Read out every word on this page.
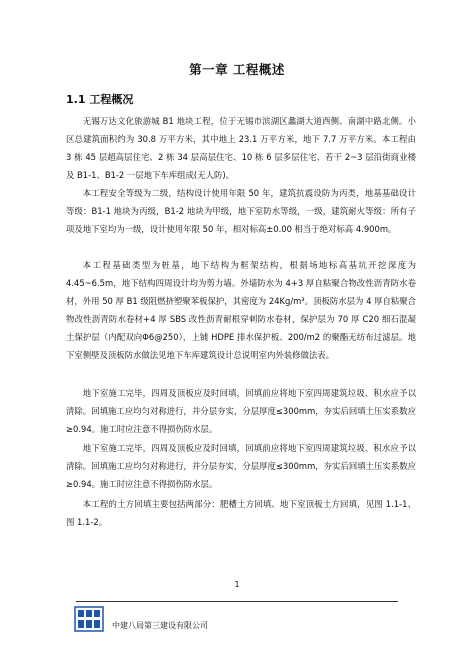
第一章 工程概述
1.1 工程概况

无锡万达文化旅游城 B1 地块工程，位于无锡市滨湖区蠡湖大道西侧、南湖中路北侧。小区总建筑面积约为 30.8 万平方米，其中地上 23.1 万平方米，地下 7.7 万平方米。本工程由 3 栋 45 层超高层住宅、2 栋 34 层高层住宅、10 栋 6 层多层住宅、若干 2~3 层沿街商业楼及 B1-1、B1-2 一层地下车库组成(无人防)。

本工程安全等级为二级，结构设计使用年限 50 年，建筑抗震设防为丙类，地基基础设计等级：B1-1 地块为丙级，B1-2 地块为甲级，地下室防水等级，一级，建筑耐火等级：所有子项及地下室均为一级，设计使用年限 50 年，相对标高±0.00 相当于绝对标高 4.900m。

本工程基础类型为桩基，地下结构为框架结构，根据场地标高基坑开挖深度为 4.45~6.5m，地下结构四周设计均为剪力墙。外墙防水为 4+3 厚自粘聚合物改性沥青防水卷材，外用 50 厚 B1 级阻燃挤塑聚苯板保护，其密度为 24Kg/m³。顶板防水层为 4 厚自粘聚合物改性沥青防水卷材+4 厚 SBS 改性沥青耐根穿刺防水卷材，保护层为 70 厚 C20 细石混凝土保护层（内配双向Φ6@250），上铺 HDPE 排水保护板、200/m2 的聚酯无纺布过滤层。地下室侧壁及顶板防水做法见地下车库建筑设计总说明室内外装修做法表。

地下室施工完毕，四周及顶板应及时回填，回填前应将地下室四周建筑垃圾、积水应予以清除。回填施工应均匀对称进行，并分层夯实，分层厚度≤300mm，夯实后回填土压实系数应≥0.94。施工时应注意不得损伤防水层。

地下室施工完毕，四周及顶板应及时回填，回填前应将地下室四周建筑垃圾、积水应予以清除。回填施工应均匀对称进行，并分层夯实，分层厚度≤300mm，夯实后回填土压实系数应≥0.94。施工时应注意不得损伤防水层。

本工程的土方回填主要包括两部分：肥槽土方回填、地下室顶板土方回填，见图 1.1-1、图 1.1-2。

1
中建八局第三建设有限公司
